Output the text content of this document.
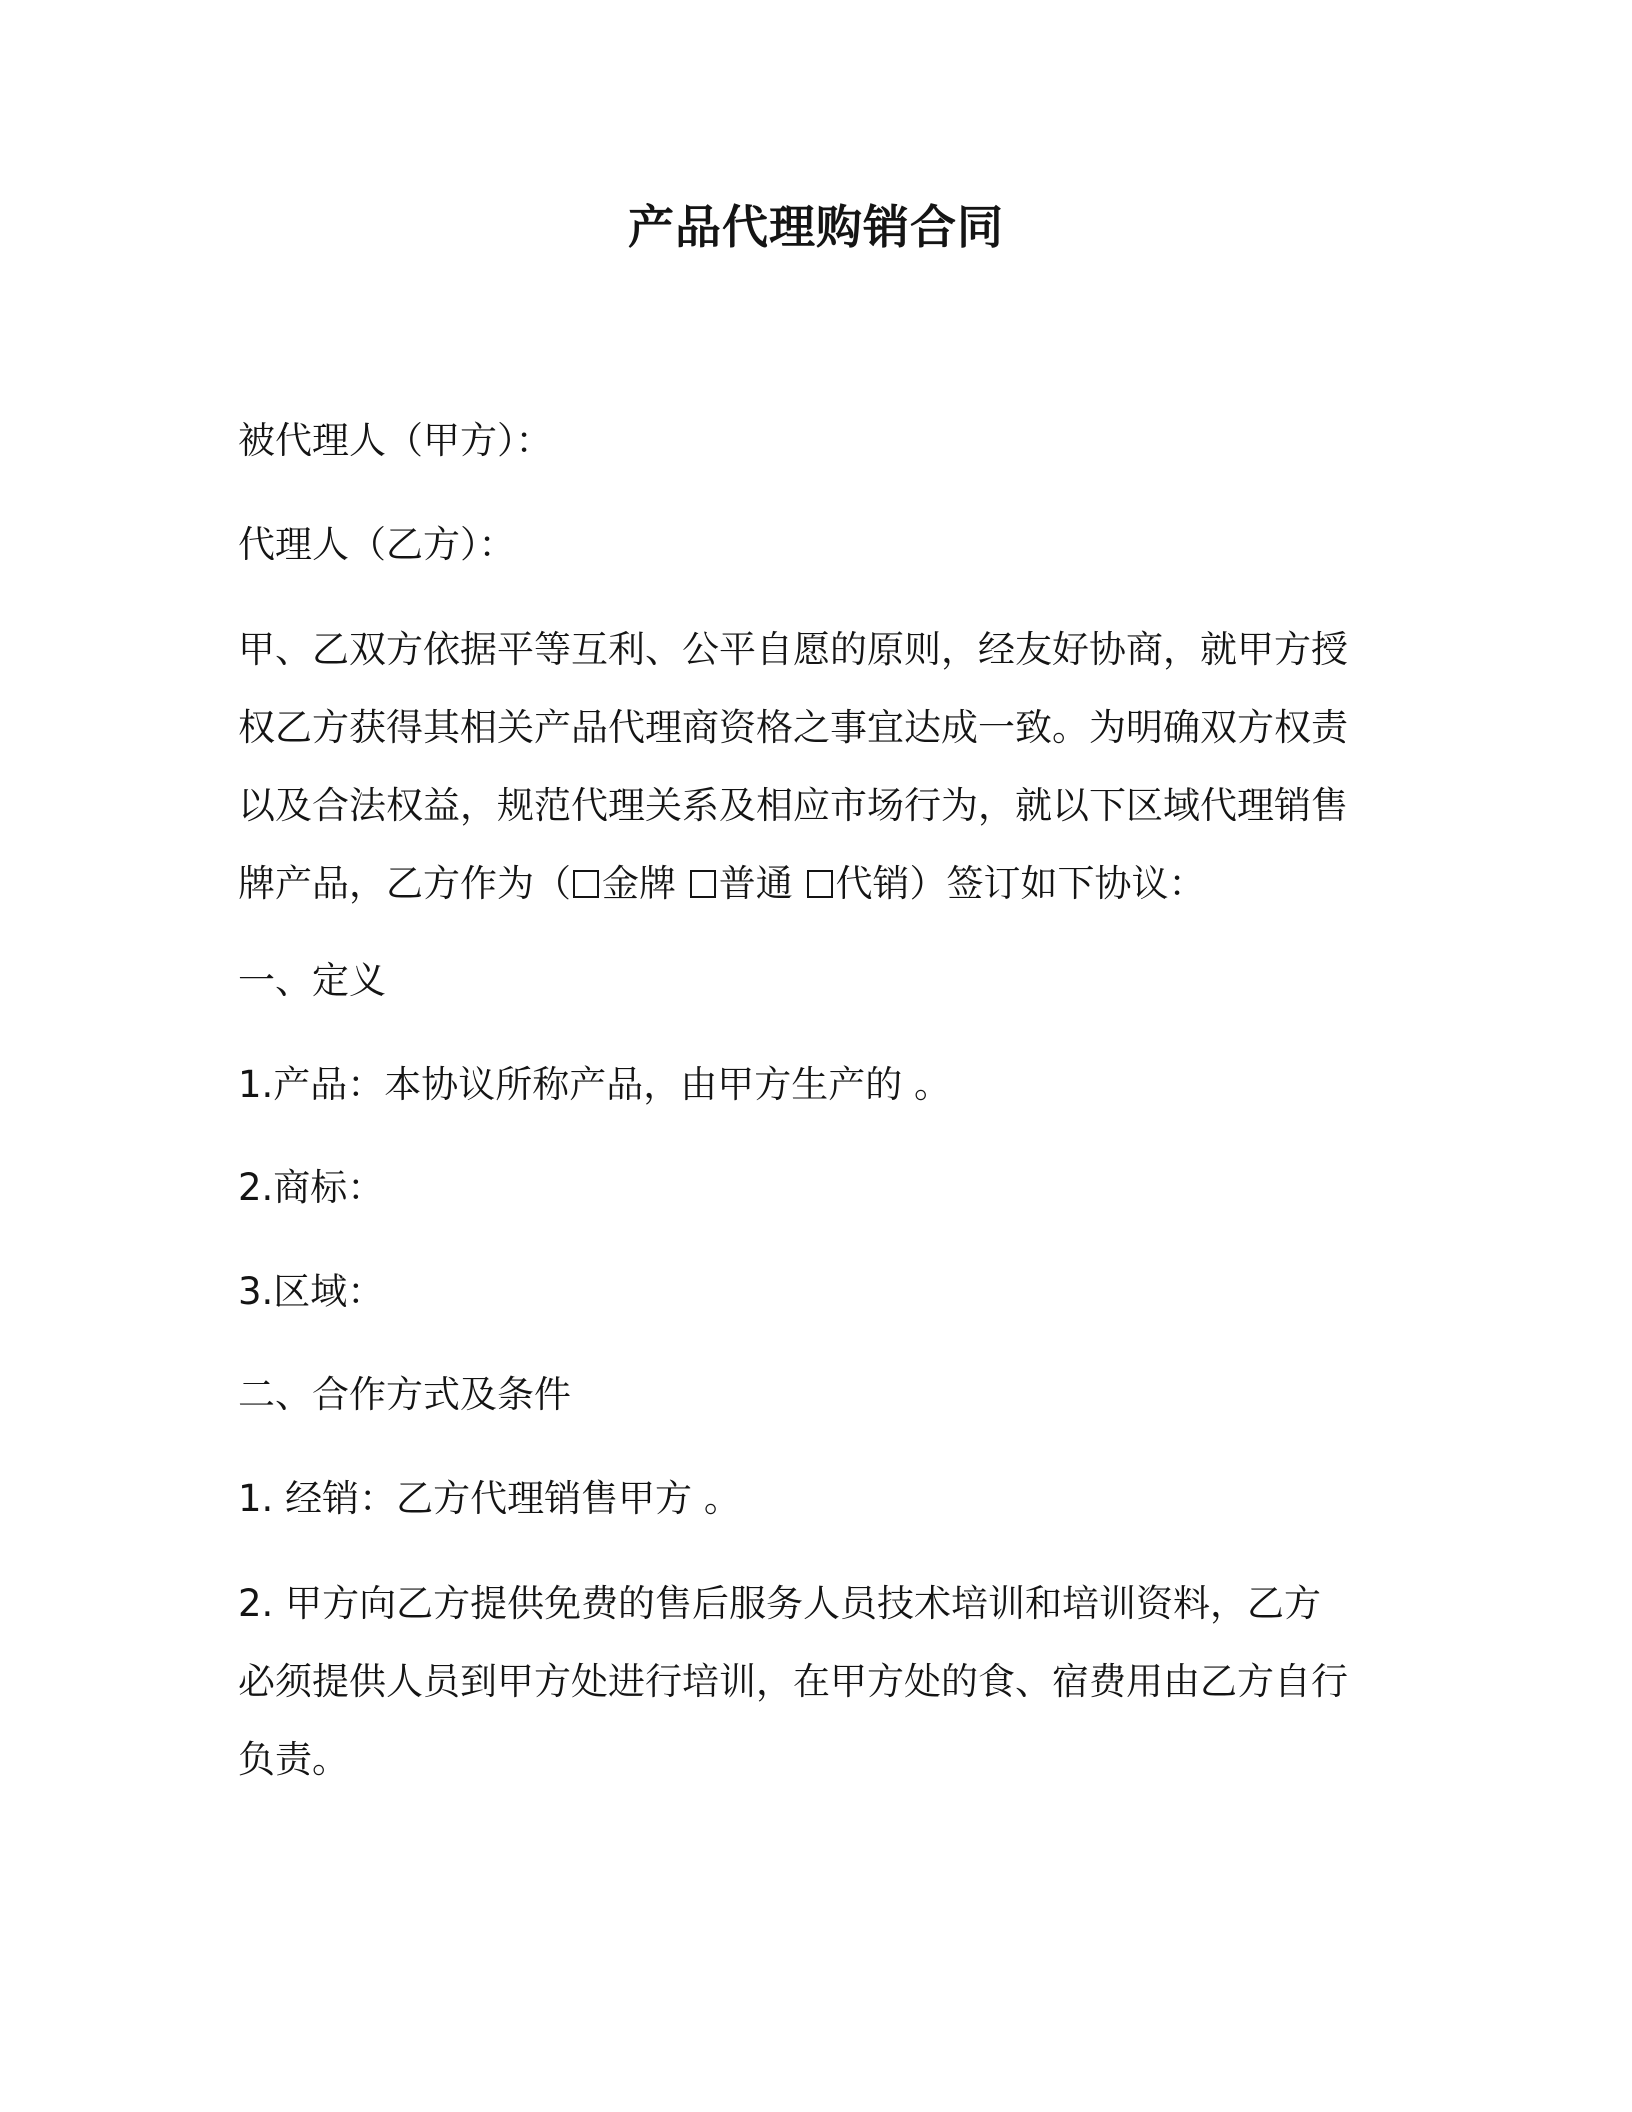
产品代理购销合同
被代理人（甲方）：
代理人（乙方）：
甲、乙双方依据平等互利、公平自愿的原则，经友好协商，就甲方授权乙方获得其相关产品代理商资格之事宜达成一致。为明确双方权责以及合法权益，规范代理关系及相应市场行为，就以下区域代理销售牌产品，乙方作为（ 金牌 普通 代销）签订如下协议：
一、定义
1.产品：本协议所称产品，由甲方生产的 。
2.商标：
3.区域：
二、合作方式及条件
1. 经销：乙方代理销售甲方 。
2. 甲方向乙方提供免费的售后服务人员技术培训和培训资料，乙方必须提供人员到甲方处进行培训，在甲方处的食、宿费用由乙方自行负责。
